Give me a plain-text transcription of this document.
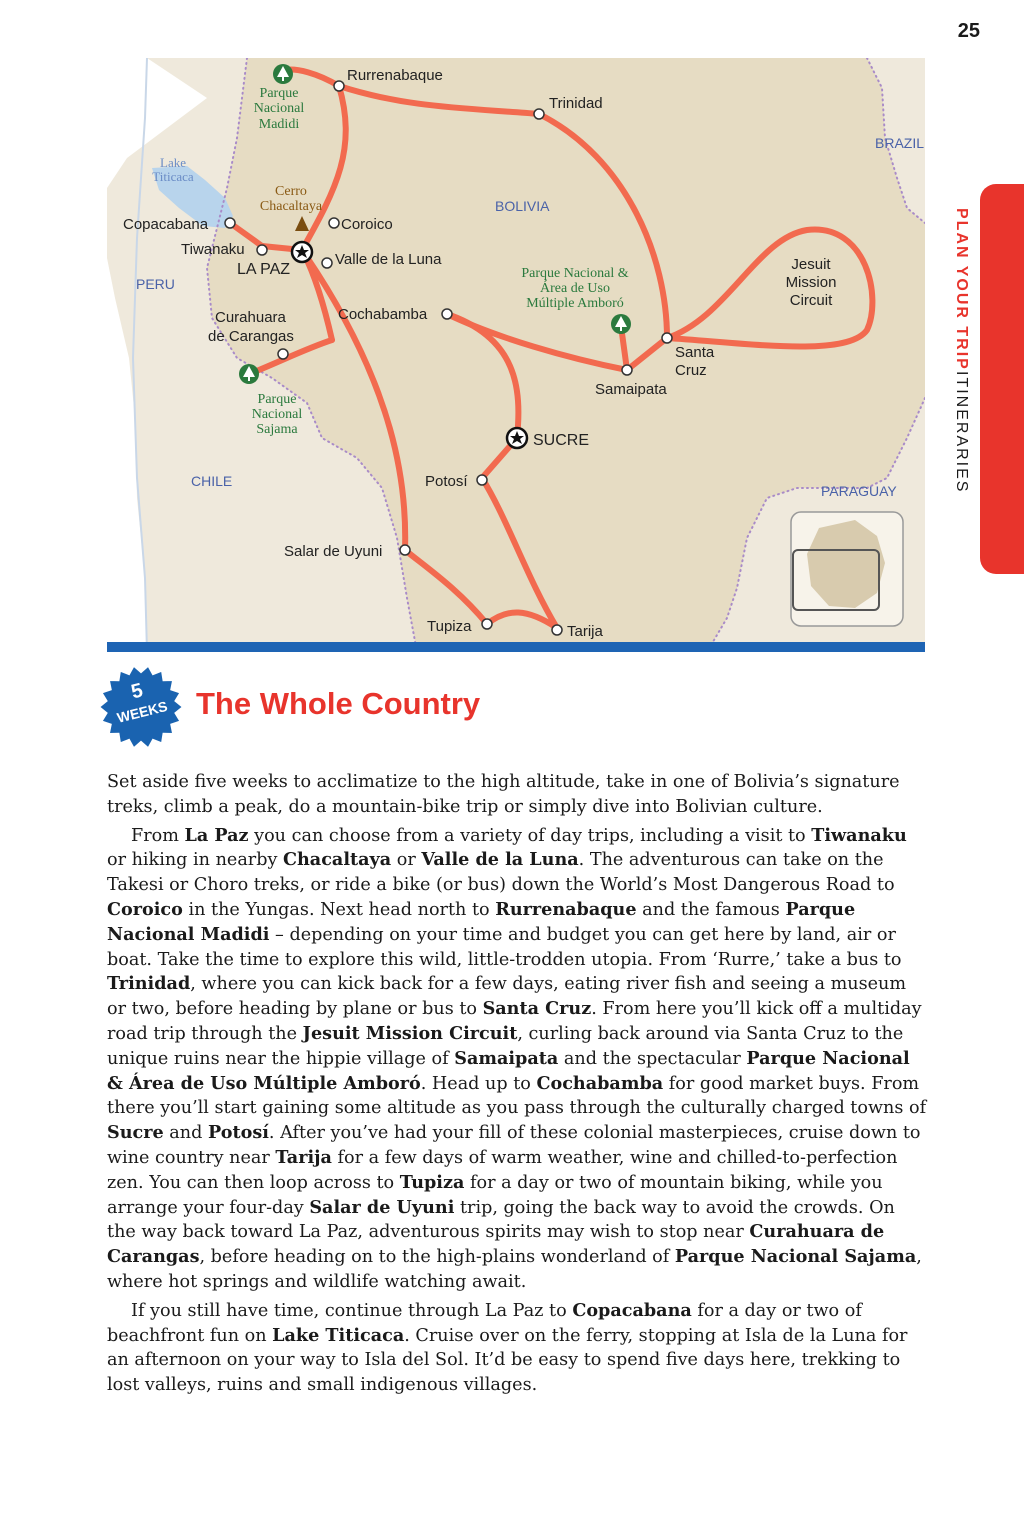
25
PLAN YOUR TRIPITINERARIES
BOLIVIA
PERU
BRAZIL
CHILE
PARAGUAY
Lake
Titicaca
Cerro
Chacaltaya
Parque
Nacional
Madidi
Parque Nacional &
Área de Uso
Múltiple Amboró
Parque
Nacional
Sajama
Rurrenabaque
Trinidad
Copacabana	Coroico
Tiwanaku
LA PAZ
Valle de la Luna	Jesuit
Mission
Circuit
Cochabamba
Curahuara
de Carangas
Santa
Cruz
Samaipata
SUCRE
Potosí
Salar de Uyuni
Tupiza	Tarija
5
WEEKS The Whole Country

Set aside five weeks to acclimatize to the high altitude, take in one of Bolivia’s signature treks, climb a peak, do a mountain-bike trip or simply dive into Bolivian culture.

From La Paz you can choose from a variety of day trips, including a visit to Tiwanaku or hiking in nearby Chacaltaya or Valle de la Luna. The adventurous can take on the Takesi or Choro treks, or ride a bike (or bus) down the World’s Most Dangerous Road to Coroico in the Yungas. Next head north to Rurrenabaque and the famous Parque Nacional Madidi – depending on your time and budget you can get here by land, air or boat. Take the time to explore this wild, little-trodden utopia. From ‘Rurre,’ take a bus to Trinidad, where you can kick back for a few days, eating river fish and seeing a museum or two, before heading by plane or bus to Santa Cruz. From here you’ll kick off a multiday road trip through the Jesuit Mission Circuit, curling back around via Santa Cruz to the unique ruins near the hippie village of Samaipata and the spectacular Parque Nacional & Área de Uso Múltiple Amboró. Head up to Cochabamba for good market buys. From there you’ll start gaining some altitude as you pass through the culturally charged towns of Sucre and Potosí. After you’ve had your fill of these colonial masterpieces, cruise down to wine country near Tarija for a few days of warm weather, wine and chilled-to-perfection zen. You can then loop across to Tupiza for a day or two of mountain biking, while you arrange your four-day Salar de Uyuni trip, going the back way to avoid the crowds. On the way back toward La Paz, adventurous spirits may wish to stop near Curahuara de Carangas, before heading on to the high-plains wonderland of Parque Nacional Sajama, where hot springs and wildlife watching await.

If you still have time, continue through La Paz to Copacabana for a day or two of beachfront fun on Lake Titicaca. Cruise over on the ferry, stopping at Isla de la Luna for an afternoon on your way to Isla del Sol. It’d be easy to spend five days here, trekking to lost valleys, ruins and small indigenous villages.
